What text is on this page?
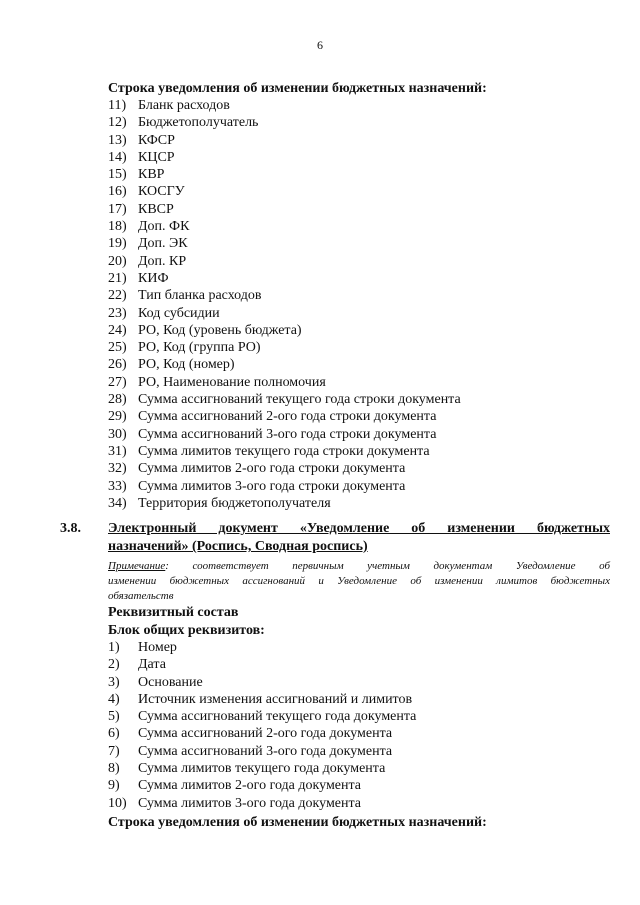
6
Строка уведомления об изменении бюджетных назначений:
11) Бланк расходов
12) Бюджетополучатель
13) КФСР
14) КЦСР
15) КВР
16) КОСГУ
17) КВСР
18) Доп. ФК
19) Доп. ЭК
20) Доп. КР
21) КИФ
22) Тип бланка расходов
23) Код субсидии
24) РО, Код (уровень бюджета)
25) РО, Код (группа РО)
26) РО, Код (номер)
27) РО, Наименование полномочия
28) Сумма ассигнований текущего года строки документа
29) Сумма ассигнований 2-ого года строки документа
30) Сумма ассигнований 3-ого года строки документа
31) Сумма лимитов текущего года строки документа
32) Сумма лимитов 2-ого года строки документа
33) Сумма лимитов 3-ого года строки документа
34) Территория бюджетополучателя
3.8. Электронный документ «Уведомление об изменении бюджетных
назначений» (Роспись, Сводная роспись)
Примечание: соответствует первичным учетным документам Уведомление об
изменении бюджетных ассигнований и Уведомление об изменении лимитов бюджетных
обязательств
Реквизитный состав
Блок общих реквизитов:
1) Номер
2) Дата
3) Основание
4) Источник изменения ассигнований и лимитов
5) Сумма ассигнований текущего года документа
6) Сумма ассигнований 2-ого года документа
7) Сумма ассигнований 3-ого года документа
8) Сумма лимитов текущего года документа
9) Сумма лимитов 2-ого года документа
10) Сумма лимитов 3-ого года документа
Строка уведомления об изменении бюджетных назначений:
